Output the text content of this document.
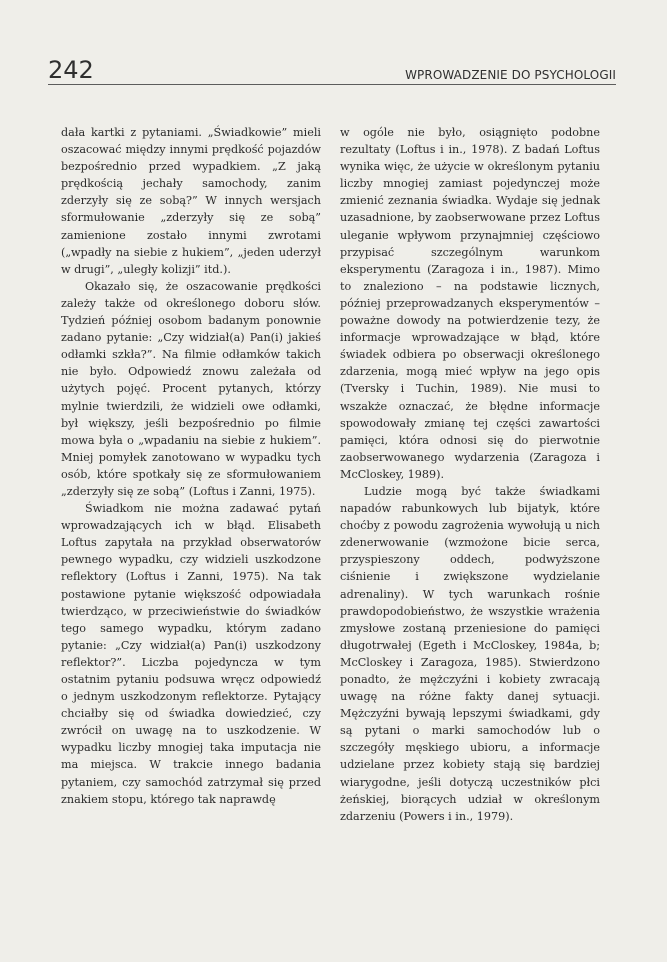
242	WPROWADZENIE DO PSYCHOLOGII

dała kartki z pytaniami. „Świadkowie” mieli oszacować między innymi prędkość pojazdów bezpośrednio przed wypadkiem. „Z jaką prędkością jechały samochody, zanim zderzyły się ze sobą?” W innych wersjach sformułowanie „zderzyły się ze sobą” zamienione zostało innymi zwrotami („wpadły na siebie z hukiem”, „jeden uderzył w drugi”, „uległy kolizji” itd.).

Okazało się, że oszacowanie prędkości zależy także od określonego doboru słów. Tydzień później osobom badanym ponownie zadano pytanie: „Czy widział(a) Pan(i) jakieś odłamki szkła?”. Na filmie odłamków takich nie było. Odpowiedź znowu zależała od użytych pojęć. Procent pytanych, którzy mylnie twierdzili, że widzieli owe odłamki, był większy, jeśli bezpośrednio po filmie mowa była o „wpadaniu na siebie z hukiem”. Mniej pomyłek zanotowano w wypadku tych osób, które spotkały się ze sformułowaniem „zderzyły się ze sobą” (Loftus i Zanni, 1975).

Świadkom nie można zadawać pytań wprowadzających ich w błąd. Elisabeth Loftus zapytała na przykład obserwatorów pewnego wypadku, czy widzieli uszkodzone reflektory (Loftus i Zanni, 1975). Na tak postawione pytanie większość odpowiadała twierdząco, w przeciwieństwie do świadków tego samego wypadku, którym zadano pytanie: „Czy widział(a) Pan(i) uszkodzony reflektor?”. Liczba pojedyncza w tym ostatnim pytaniu podsuwa wręcz odpowiedź o jednym uszkodzonym reflektorze. Pytający chciałby się od świadka dowiedzieć, czy zwrócił on uwagę na to uszkodzenie. W wypadku liczby mnogiej taka imputacja nie ma miejsca. W trakcie innego badania pytaniem, czy samochód zatrzymał się przed znakiem stopu, którego tak naprawdę

w ogóle nie było, osiągnięto podobne rezultaty (Loftus i in., 1978). Z badań Loftus wynika więc, że użycie w określonym pytaniu liczby mnogiej zamiast pojedynczej może zmienić zeznania świadka. Wydaje się jednak uzasadnione, by zaobserwowane przez Loftus uleganie wpływom przynajmniej częściowo przypisać szczególnym warunkom eksperymentu (Zaragoza i in., 1987). Mimo to znaleziono – na podstawie licznych, później przeprowadzanych eksperymentów – poważne dowody na potwierdzenie tezy, że informacje wprowadzające w błąd, które świadek odbiera po obserwacji określonego zdarzenia, mogą mieć wpływ na jego opis (Tversky i Tuchin, 1989). Nie musi to wszakże oznaczać, że błędne informacje spowodowały zmianę tej części zawartości pamięci, która odnosi się do pierwotnie zaobserwowanego wydarzenia (Zaragoza i McCloskey, 1989).

Ludzie mogą być także świadkami napadów rabunkowych lub bijatyk, które choćby z powodu zagrożenia wywołują u nich zdenerwowanie (wzmożone bicie serca, przyspieszony oddech, podwyższone ciśnienie i zwiększone wydzielanie adrenaliny). W tych warunkach rośnie prawdopodobieństwo, że wszystkie wrażenia zmysłowe zostaną przeniesione do pamięci długotrwałej (Egeth i McCloskey, 1984a, b; McCloskey i Zaragoza, 1985). Stwierdzono ponadto, że mężczyźni i kobiety zwracają uwagę na różne fakty danej sytuacji. Mężczyźni bywają lepszymi świadkami, gdy są pytani o marki samochodów lub o szczegóły męskiego ubioru, a informacje udzielane przez kobiety stają się bardziej wiarygodne, jeśli dotyczą uczestników płci żeńskiej, biorących udział w określonym zdarzeniu (Powers i in., 1979).
